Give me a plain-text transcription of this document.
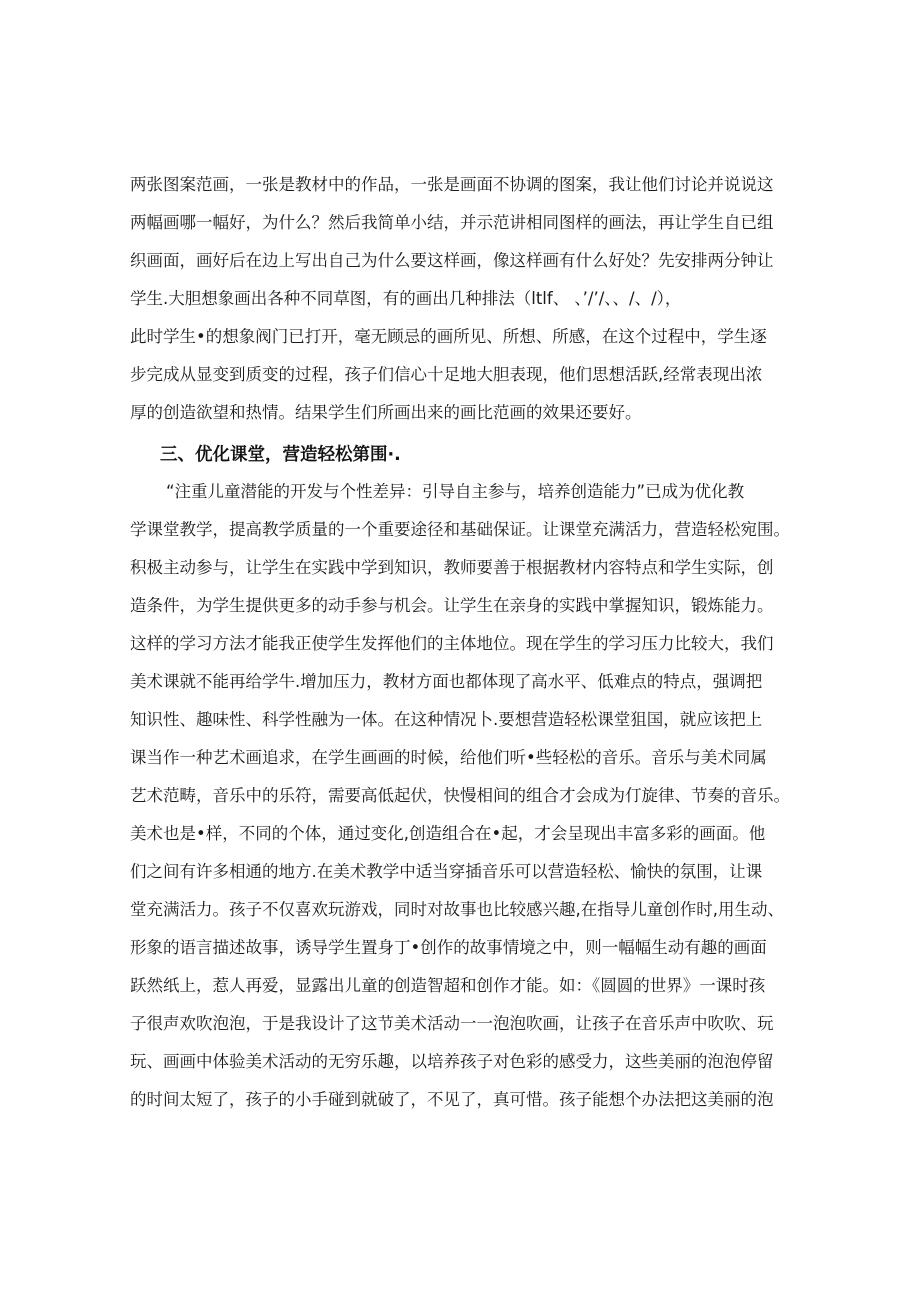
两张图案范画，一张是教材中的作品，一张是画面不协调的图案，我让他们讨论并说说这
两幅画哪一幅好，为什么？然后我简单小结，并示范讲相同图样的画法，再让学生自已组
织画面，画好后在边上写出自己为什么要这样画，像这样画有什么好处？先安排两分钟让
学生.大胆想象画出各种不同草图，有的画出几种排法（ltlf、 、’/’/、、/、/），
此时学生•的想象阀门已打开，毫无顾忌的画所见、所想、所感，在这个过程中，学生逐
步完成从显变到质变的过程，孩子们信心十足地大胆表现，他们思想活跃,经常表现出浓
厚的创造欲望和热情。结果学生们所画出来的画比范画的效果还要好。
三、优化课堂，营造轻松第围·.
“注重儿童潜能的开发与个性差异：引导自主参与，培养创造能力”已成为优化教
学课堂教学，提高教学质量的一个重要途径和基础保证。让课堂充满活力，营造轻松宛围。
积极主动参与，让学生在实践中学到知识，教师要善于根据教材内容特点和学生实际，创
造条件，为学生提供更多的动手参与机会。让学生在亲身的实践中掌握知识，锻炼能力。
这样的学习方法才能我正使学生发挥他们的主体地位。现在学生的学习压力比较大，我们
美术课就不能再给学牛.增加压力，教材方面也都体现了高水平、低难点的特点，强调把
知识性、趣味性、科学性融为一体。在这种情况卜.要想营造轻松课堂狙国，就应该把上
课当作一种艺术画追求，在学生画画的时候，给他们听•些轻松的音乐。音乐与美术同属
艺术范畴，音乐中的乐符，需要高低起伏，快慢相间的组合才会成为仃旋律、节奏的音乐。
美术也是•样，不同的个体，通过变化,创造组合在•起，才会呈现出丰富多彩的画面。他
们之间有许多相通的地方.在美术教学中适当穿插音乐可以营造轻松、愉快的氛围，让课
堂充满活力。孩子不仅喜欢玩游戏，同时对故事也比较感兴趣,在指导儿童创作时,用生动、
形象的语言描述故事，诱导学生置身丁•创作的故事情境之中，则一幅幅生动有趣的画面
跃然纸上，惹人再爱，显露出儿童的创造智超和创作才能。如：《圆圆的世界》一课时孩
子很声欢吹泡泡，于是我设计了这节美术活动一一泡泡吹画，让孩子在音乐声中吹吹、玩
玩、画画中体验美术活动的无穷乐趣，以培养孩子对色彩的感受力，这些美丽的泡泡停留
的时间太短了，孩子的小手碰到就破了，不见了，真可惜。孩子能想个办法把这美丽的泡
